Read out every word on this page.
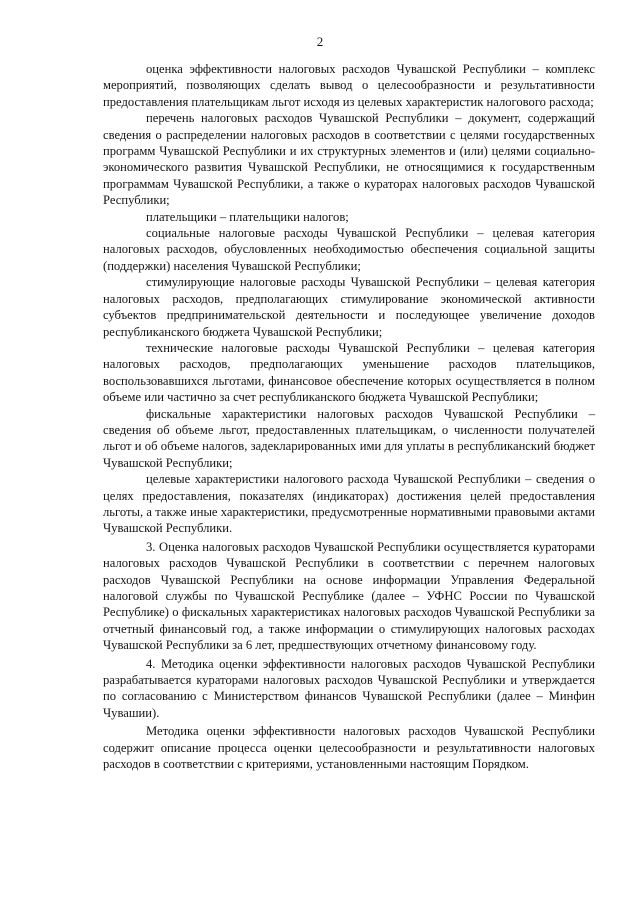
2

оценка эффективности налоговых расходов Чувашской Республики – комплекс мероприятий, позволяющих сделать вывод о целесообразности и результативности предоставления плательщикам льгот исходя из целевых характеристик налогового расхода;

перечень налоговых расходов Чувашской Республики – документ, содержащий сведения о распределении налоговых расходов в соответствии с целями государственных программ Чувашской Республики и их структурных элементов и (или) целями социально-экономического развития Чувашской Республики, не относящимися к государственным программам Чувашской Республики, а также о кураторах налоговых расходов Чувашской Республики;

плательщики – плательщики налогов;

социальные налоговые расходы Чувашской Республики – целевая категория налоговых расходов, обусловленных необходимостью обеспечения социальной защиты (поддержки) населения Чувашской Республики;

стимулирующие налоговые расходы Чувашской Республики – целевая категория налоговых расходов, предполагающих стимулирование экономической активности субъектов предпринимательской деятельности и последующее увеличение доходов республиканского бюджета Чувашской Республики;

технические налоговые расходы Чувашской Республики – целевая категория налоговых расходов, предполагающих уменьшение расходов плательщиков, воспользовавшихся льготами, финансовое обеспечение которых осуществляется в полном объеме или частично за счет республиканского бюджета Чувашской Республики;

фискальные характеристики налоговых расходов Чувашской Республики – сведения об объеме льгот, предоставленных плательщикам, о численности получателей льгот и об объеме налогов, задекларированных ими для уплаты в республиканский бюджет Чувашской Республики;

целевые характеристики налогового расхода Чувашской Республики – сведения о целях предоставления, показателях (индикаторах) достижения целей предоставления льготы, а также иные характеристики, предусмотренные нормативными правовыми актами Чувашской Республики.

3. Оценка налоговых расходов Чувашской Республики осуществляется кураторами налоговых расходов Чувашской Республики в соответствии с перечнем налоговых расходов Чувашской Республики на основе информации Управления Федеральной налоговой службы по Чувашской Республике (далее – УФНС России по Чувашской Республике) о фискальных характеристиках налоговых расходов Чувашской Республики за отчетный финансовый год, а также информации о стимулирующих налоговых расходах Чувашской Республики за 6 лет, предшествующих отчетному финансовому году.

4. Методика оценки эффективности налоговых расходов Чувашской Республики разрабатывается кураторами налоговых расходов Чувашской Республики и утверждается по согласованию с Министерством финансов Чувашской Республики (далее – Минфин Чувашии).

Методика оценки эффективности налоговых расходов Чувашской Республики содержит описание процесса оценки целесообразности и результативности налоговых расходов в соответствии с критериями, установленными настоящим Порядком.
